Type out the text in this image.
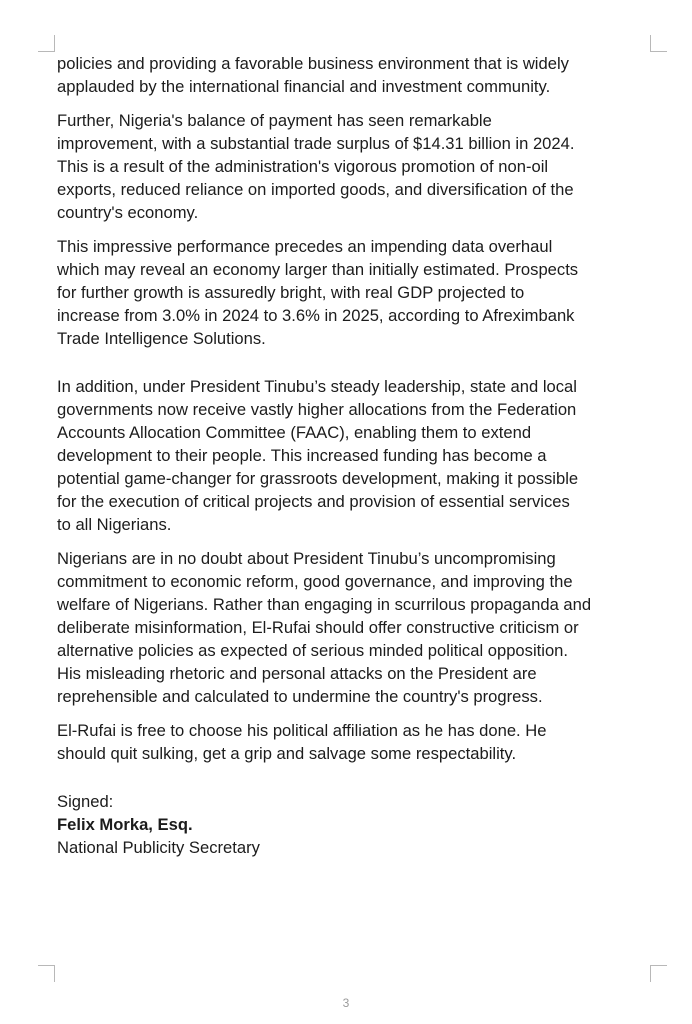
policies and providing a favorable business environment that is widely
applauded by the international financial and investment community.

Further, Nigeria's balance of payment has seen remarkable
improvement, with a substantial trade surplus of $14.31 billion in 2024.
This is a result of the administration's vigorous promotion of non-oil
exports, reduced reliance on imported goods, and diversification of the
country's economy.

This impressive performance precedes an impending data overhaul
which may reveal an economy larger than initially estimated. Prospects
for further growth is assuredly bright, with real GDP projected to
increase from 3.0% in 2024 to 3.6% in 2025, according to Afreximbank
Trade Intelligence Solutions.

In addition, under President Tinubu’s steady leadership, state and local
governments now receive vastly higher allocations from the Federation
Accounts Allocation Committee (FAAC), enabling them to extend
development to their people. This increased funding has become a
potential game-changer for grassroots development, making it possible
for the execution of critical projects and provision of essential services
to all Nigerians.

Nigerians are in no doubt about President Tinubu’s uncompromising
commitment to economic reform, good governance, and improving the
welfare of Nigerians. Rather than engaging in scurrilous propaganda and
deliberate misinformation, El-Rufai should offer constructive criticism or
alternative policies as expected of serious minded political opposition.
His misleading rhetoric and personal attacks on the President are
reprehensible and calculated to undermine the country's progress.

El-Rufai is free to choose his political affiliation as he has done. He
should quit sulking, get a grip and salvage some respectability.

Signed:
Felix Morka, Esq.
National Publicity Secretary
3
